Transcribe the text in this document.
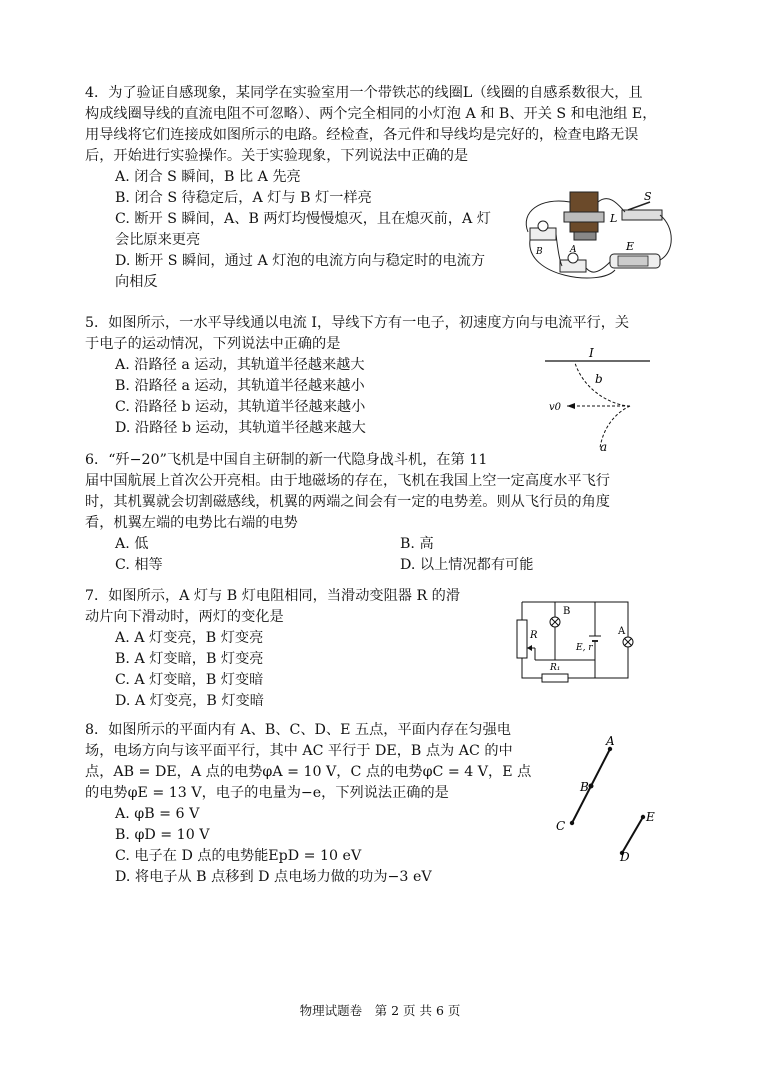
4．为了验证自感现象，某同学在实验室用一个带铁芯的线圈L（线圈的自感系数很大，且

构成线圈导线的直流电阻不可忽略）、两个完全相同的小灯泡 A 和 B、开关 S 和电池组 E，

用导线将它们连接成如图所示的电路。经检查，各元件和导线均是完好的，检查电路无误

后，开始进行实验操作。关于实验现象，下列说法中正确的是

A. 闭合 S 瞬间，B 比 A 先亮

B. 闭合 S 待稳定后，A 灯与 B 灯一样亮

C. 断开 S 瞬间，A、B 两灯均慢慢熄灭，且在熄灭前，A 灯

会比原来更亮

D. 断开 S 瞬间，通过 A 灯泡的电流方向与稳定时的电流方

向相反

L
S
E
B	A

5．如图所示，一水平导线通以电流 I，导线下方有一电子，初速度方向与电流平行，关

于电子的运动情况，下列说法中正确的是

A. 沿路径 a 运动，其轨道半径越来越大

B. 沿路径 a 运动，其轨道半径越来越小

C. 沿路径 b 运动，其轨道半径越来越小

D. 沿路径 b 运动，其轨道半径越来越大

I
b
v0
a

6．“歼−20”飞机是中国自主研制的新一代隐身战斗机，在第 11

届中国航展上首次公开亮相。由于地磁场的存在，飞机在我国上空一定高度水平飞行

时，其机翼就会切割磁感线，机翼的两端之间会有一定的电势差。则从飞行员的角度

看，机翼左端的电势比右端的电势

A. 低	B. 高
C. 相等	D. 以上情况都有可能

7．如图所示，A 灯与 B 灯电阻相同，当滑动变阻器 R 的滑

动片向下滑动时，两灯的变化是

A. A 灯变亮，B 灯变亮

B. A 灯变暗，B 灯变亮

C. A 灯变暗，B 灯变暗

D. A 灯变亮，B 灯变暗

R
B
E, r
A
R₁

8．如图所示的平面内有 A、B、C、D、E 五点，平面内存在匀强电

场，电场方向与该平面平行，其中 AC 平行于 DE，B 点为 AC 的中

点，AB = DE，A 点的电势φA = 10 V，C 点的电势φC = 4 V，E 点

的电势φE = 13 V，电子的电量为−e，下列说法正确的是

A. φB = 6 V

B. φD = 10 V

C. 电子在 D 点的电势能EpD = 10 eV

D. 将电子从 B 点移到 D 点电场力做的功为−3 eV

A
B
C
E
D
物理试题卷　第 2 页 共 6 页
